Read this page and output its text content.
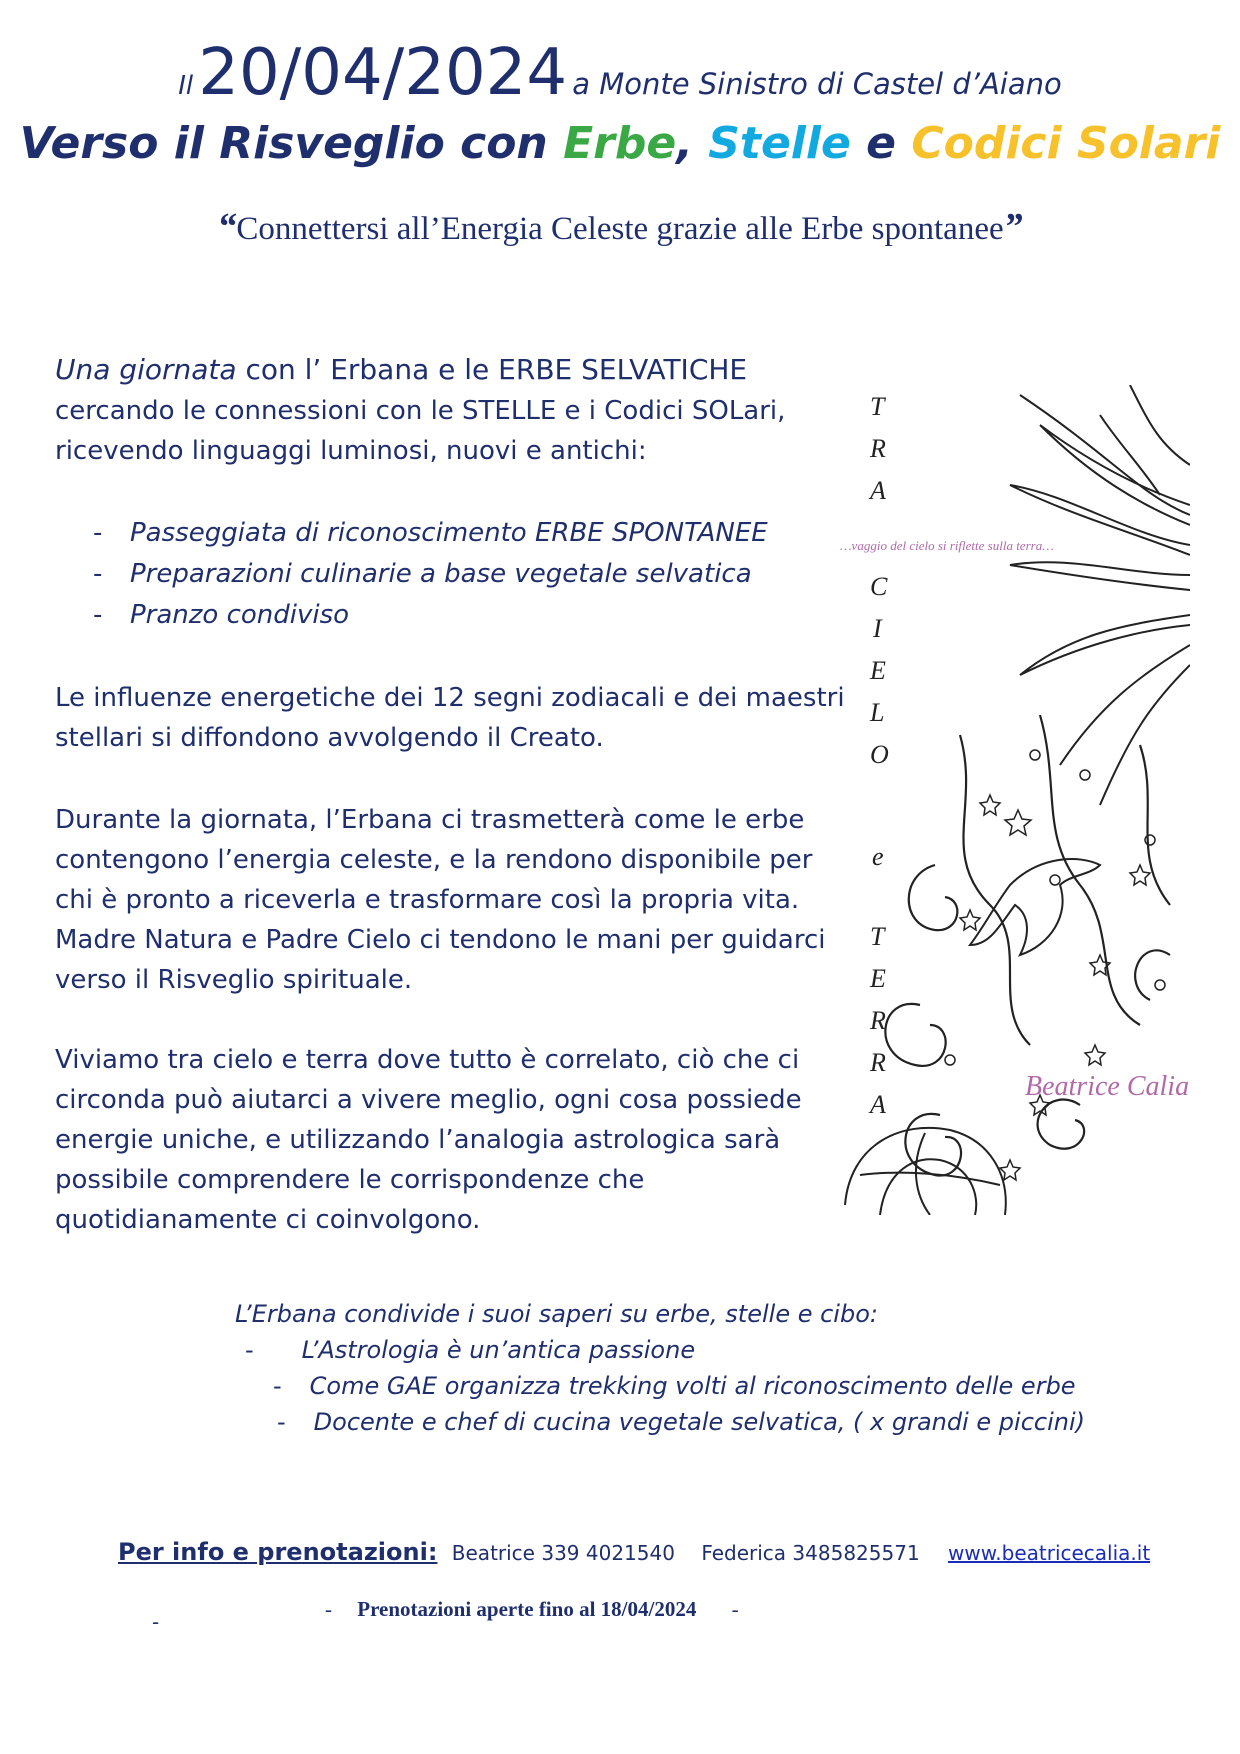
Il 20/04/2024 a Monte Sinistro di Castel d’Aiano
Verso il Risveglio con Erbe, Stelle e Codici Solari
“Connettersi all’Energia Celeste grazie alle Erbe spontanee”
Una giornata con l’ Erbana e le ERBE SELVATICHE
cercando le connessioni con le STELLE e i Codici SOLari,
ricevendo linguaggi luminosi, nuovi e antichi:
- Passeggiata di riconoscimento ERBE SPONTANEE
- Preparazioni culinarie a base vegetale selvatica
- Pranzo condiviso
Le influenze energetiche dei 12 segni zodiacali e dei maestri stellari si diffondono avvolgendo il Creato.
Durante la giornata, l’Erbana ci trasmetterà come le erbe contengono l’energia celeste, e la rendono disponibile per chi è pronto a riceverla e trasformare così la propria vita. Madre Natura e Padre Cielo ci tendono le mani per guidarci verso il Risveglio spirituale.
Viviamo tra cielo e terra dove tutto è correlato, ciò che ci circonda può aiutarci a vivere meglio, ogni cosa possiede energie uniche, e utilizzando l’analogia astrologica sarà possibile comprendere le corrispondenze che quotidianamente ci coinvolgono.
T
R
A
C
I
E
L
O
e
T
E
R
R
A
…vaggio del cielo si riflette sulla terra…
Beatrice Calia
L’Erbana condivide i suoi saperi su erbe, stelle e cibo:
- L’Astrologia è un’antica passione
- Come GAE organizza trekking volti al riconoscimento delle erbe
- Docente e chef di cucina vegetale selvatica, ( x grandi e piccini)
Per info e prenotazioni: Beatrice 339 4021540 Federica 3485825571 www.beatricecalia.it
-
- Prenotazioni aperte fino al 18/04/2024 -
